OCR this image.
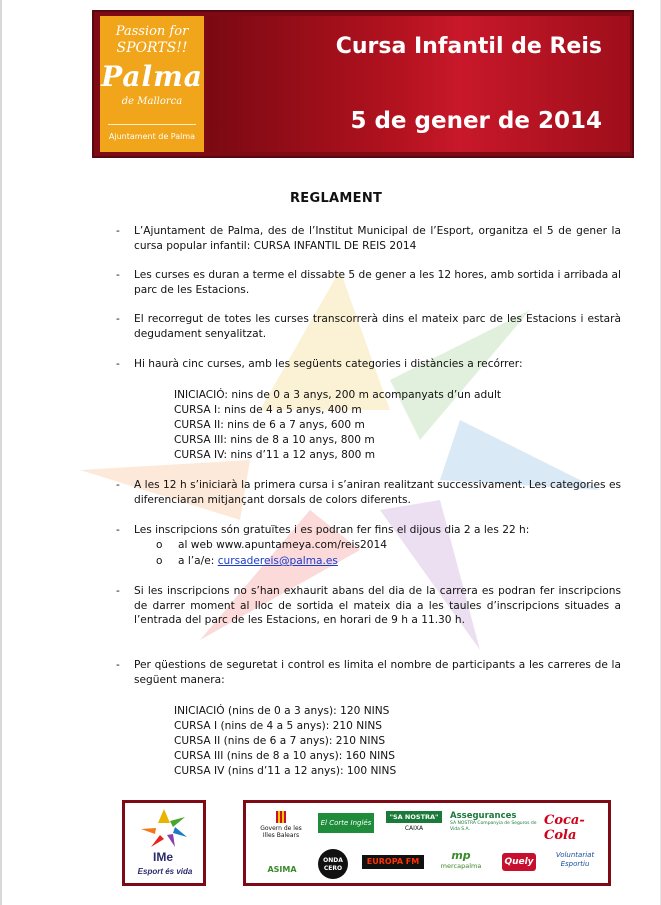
Passion for
SPORTS!!
Palma
de Mallorca
Ajuntament de Palma
Cursa Infantil de Reis
5 de gener de 2014
REGLAMENT
-	L’Ajuntament de Palma, des de l’Institut Municipal de l’Esport, organitza el 5 de gener la cursa popular infantil: CURSA INFANTIL DE REIS 2014
-	Les curses es duran a terme el dissabte 5 de gener a les 12 hores, amb sortida i arribada al parc de les Estacions.
-	El recorregut de totes les curses transcorrerà dins el mateix parc de les Estacions i estarà degudament senyalitzat.
-	Hi haurà cinc curses, amb les següents categories i distàncies a recórrer:
INICIACIÓ: nins de 0 a 3 anys, 200 m acompanyats d’un adult
CURSA I: nins de 4 a 5 anys, 400 m
CURSA II: nins de 6 a 7 anys, 600 m
CURSA III: nins de 8 a 10 anys, 800 m
CURSA IV: nins d’11 a 12 anys, 800 m
-	A les 12 h s’iniciarà la primera cursa i s’aniran realitzant successivament. Les categories es diferenciaran mitjançant dorsals de colors diferents.
-	Les inscripcions són gratuïtes i es podran fer fins el dijous dia 2 a les 22 h:
o al web www.apuntameya.com/reis2014
o a l’a/e: cursadereis@palma.es
-	Si les inscripcions no s’han exhaurit abans del dia de la carrera es podran fer inscripcions de darrer moment al lloc de sortida el mateix dia a les taules d’inscripcions situades a l’entrada del parc de les Estacions, en horari de 9 h a 11.30 h.
-	Per qüestions de seguretat i control es limita el nombre de participants a les carreres de la següent manera:
INICIACIÓ (nins de 0 a 3 anys): 120 NINS
CURSA I (nins de 4 a 5 anys): 210 NINS
CURSA II (nins de 6 a 7 anys): 210 NINS
CURSA III (nins de 8 a 10 anys): 160 NINS
CURSA IV (nins d’11 a 12 anys): 100 NINS
IMe
Esport és vida
Govern de les Illes Balears
El Corte Inglés
"SA NOSTRA"
CAIXA
Assegurances
SA NOSTRA Companyia de Seguros de Vida S.A.
Coca-Cola
ASIMA
ONDA CERO
EUROPA FM	mp
mercapalma	Quely
Voluntariat Esportiu
